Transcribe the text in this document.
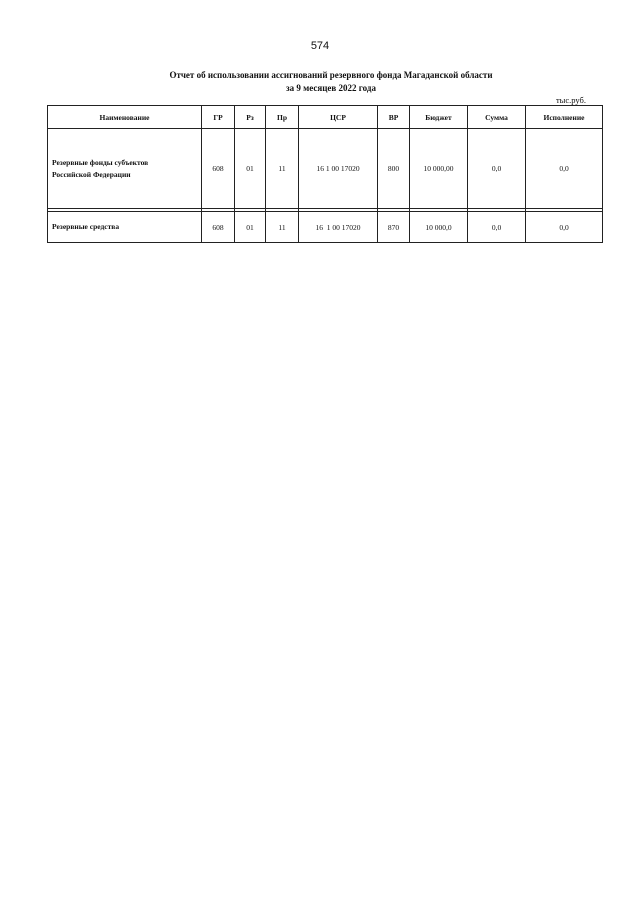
574
Отчет об использовании ассигнований резервного фонда Магаданской области
за 9 месяцев 2022 года
тыс.руб.
Наименование	ГР	Рз	Пр	ЦСР	ВР	Бюджет	Сумма	Исполнение

Резервные фонды субъектов
Российской Федерации	608	01	11	16 1 00 17020	800	10 000,00	0,0	0,0

Резервные средства	608	01	11	16  1 00 17020	870	10 000,0	0,0	0,0
